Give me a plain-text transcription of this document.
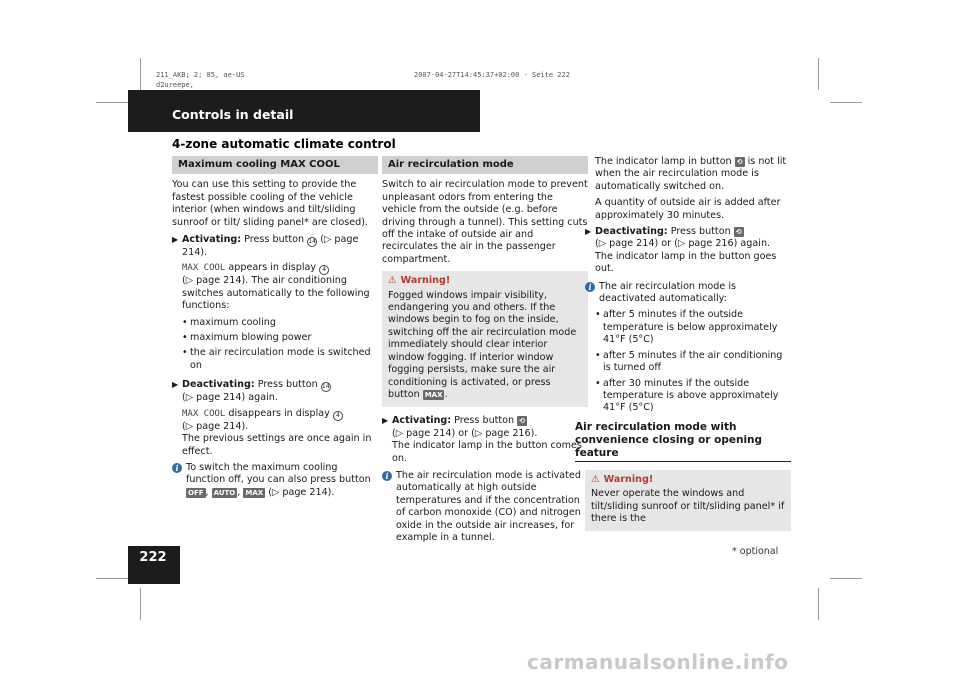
211_AKB; 2; 85, ae-US
d2ureepe,
2007-04-27T14:45:37+02:00 - Seite 222
Controls in detail
4-zone automatic climate control
Maximum cooling MAX COOL

You can use this setting to provide the fastest possible cooling of the vehicle interior (when windows and tilt/sliding sunroof or tilt/ sliding panel* are closed).

▶ Activating: Press button 14 (▷ page 214).
MAX COOL appears in display 4
(▷ page 214). The air conditioning switches automatically to the following functions:
• maximum cooling
• maximum blowing power
• the air recirculation mode is switched on
▶ Deactivating: Press button 14
(▷ page 214) again.
MAX COOL disappears in display 4
(▷ page 214).
The previous settings are once again in effect.
i To switch the maximum cooling function off, you can also press button OFF , AUTO , MAX (▷ page 214).
Air recirculation mode

Switch to air recirculation mode to prevent unpleasant odors from entering the vehicle from the outside (e.g. before driving through a tunnel). This setting cuts off the intake of outside air and recirculates the air in the passenger compartment.

⚠ Warning!
Fogged windows impair visibility, endangering you and others. If the windows begin to fog on the inside, switching off the air recirculation mode immediately should clear interior window fogging. If interior window fogging persists, make sure the air conditioning is activated, or press button MAX .
▶ Activating: Press button ⟲
(▷ page 214) or (▷ page 216).
The indicator lamp in the button comes on.
i The air recirculation mode is activated automatically at high outside temperatures and if the concentration of carbon monoxide (CO) and nitrogen oxide in the outside air increases, for example in a tunnel.
The indicator lamp in button ⟲ is not lit when the air recirculation mode is automatically switched on.
A quantity of outside air is added after approximately 30 minutes.
▶ Deactivating: Press button ⟲
(▷ page 214) or (▷ page 216) again.
The indicator lamp in the button goes out.
i The air recirculation mode is deactivated automatically:
• after 5 minutes if the outside temperature is below approximately 41°F (5°C)
• after 5 minutes if the air conditioning is turned off
• after 30 minutes if the outside temperature is above approximately 41°F (5°C)
Air recirculation mode with convenience closing or opening feature
⚠ Warning!
Never operate the windows and tilt/sliding sunroof or tilt/sliding panel* if there is the
222	* optional
carmanualsonline.info
